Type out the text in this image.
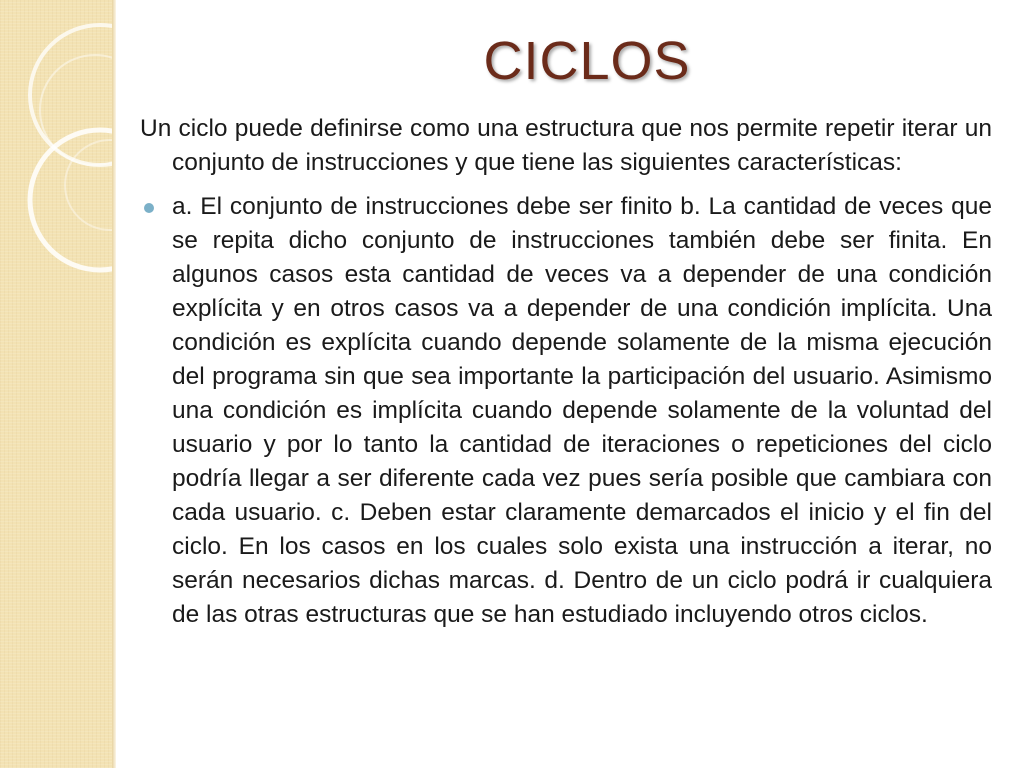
CICLOS

Un ciclo puede definirse como una estructura que nos permite repetir iterar un conjunto de instrucciones y que tiene las siguientes características:

a. El conjunto de instrucciones debe ser finito b. La cantidad de veces que se repita dicho conjunto de instrucciones también debe ser finita. En algunos casos esta cantidad de veces va a depender de una condición explícita y en otros casos va a depender de una condición implícita. Una condición es explícita cuando depende solamente de la misma ejecución del programa sin que sea importante la participación del usuario. Asimismo una condición es implícita cuando depende solamente de la voluntad del usuario y por lo tanto la cantidad de iteraciones o repeticiones del ciclo podría llegar a ser diferente cada vez pues sería posible que cambiara con cada usuario. c. Deben estar claramente demarcados el inicio y el fin del ciclo. En los casos en los cuales solo exista una instrucción a iterar, no serán necesarios dichas marcas. d. Dentro de un ciclo podrá ir cualquiera de las otras estructuras que se han estudiado incluyendo otros ciclos.
